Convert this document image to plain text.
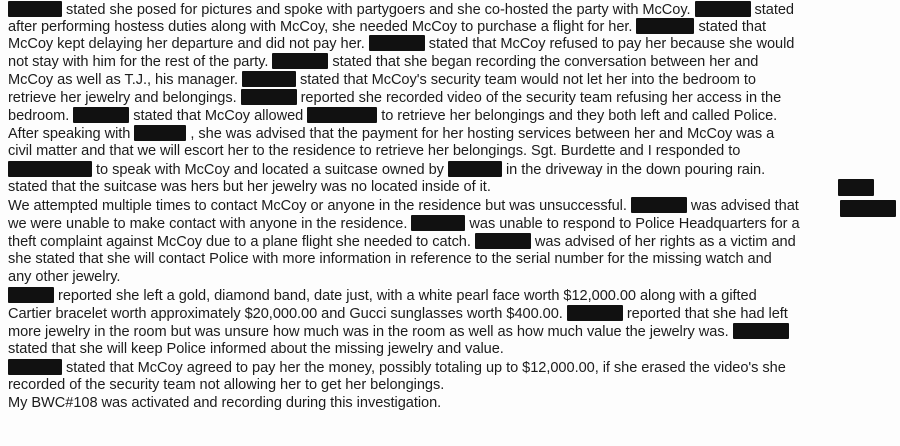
stated she posed for pictures and spoke with partygoers and she co-hosted the party with McCoy.	stated
after performing hostess duties along with McCoy, she needed McCoy to purchase a flight for her.	stated that
McCoy kept delaying her departure and did not pay her.	stated that McCoy refused to pay her because she would
not stay with him for the rest of the party.	stated that she began recording the conversation between her and
McCoy as well as T.J., his manager.	stated that McCoy's security team would not let her into the bedroom to
retrieve her jewelry and belongings.	reported she recorded video of the security team refusing her access in the
bedroom.	stated that McCoy allowed	to retrieve her belongings and they both left and called Police.
After speaking with	, she was advised that the payment for her hosting services between her and McCoy was a
civil matter and that we will escort her to the residence to retrieve her belongings. Sgt. Burdette and I responded to
to speak with McCoy and located a suitcase owned by	in the driveway in the down pouring rain.
stated that the suitcase was hers but her jewelry was no located inside of it.
We attempted multiple times to contact McCoy or anyone in the residence but was unsuccessful.	was advised that
we were unable to make contact with anyone in the residence.	was unable to respond to Police Headquarters for a
theft complaint against McCoy due to a plane flight she needed to catch.	was advised of her rights as a victim and
she stated that she will contact Police with more information in reference to the serial number for the missing watch and
any other jewelry.
reported she left a gold, diamond band, date just, with a white pearl face worth $12,000.00 along with a gifted
Cartier bracelet worth approximately $20,000.00 and Gucci sunglasses worth $400.00.	reported that she had left
more jewelry in the room but was unsure how much was in the room as well as how much value the jewelry was.
stated that she will keep Police informed about the missing jewelry and value.
stated that McCoy agreed to pay her the money, possibly totaling up to $12,000.00, if she erased the video's she
recorded of the security team not allowing her to get her belongings.
My BWC#108 was activated and recording during this investigation.
